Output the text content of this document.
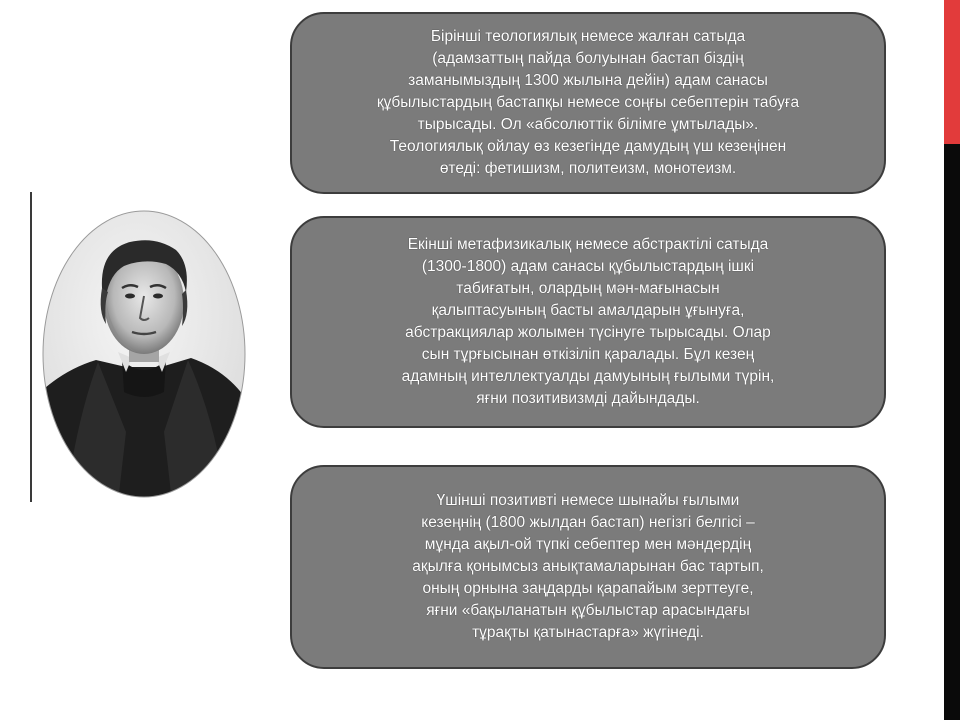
Бірінші теологиялық немесе жалған сатыда
(адамзаттың пайда болуынан бастап біздің
заманымыздың 1300 жылына дейін) адам санасы
құбылыстардың бастапқы немесе соңғы себептерін табуға
тырысады. Ол «абсолюттік білімге ұмтылады».
Теологиялық ойлау өз кезегінде дамудың үш кезеңінен
өтеді: фетишизм, политеизм, монотеизм.

Екінші метафизикалық немесе абстрактілі сатыда
(1300-1800) адам санасы құбылыстардың ішкі
табиғатын, олардың мән-мағынасын
қалыптасуының басты амалдарын ұғынуға,
абстракциялар жолымен түсінуге тырысады. Олар
сын тұрғысынан өткізіліп қаралады. Бұл кезең
адамның интеллектуалды дамуының ғылыми түрін,
яғни позитивизмді дайындады.

Үшінші позитивті немесе шынайы ғылыми
кезеңнің (1800 жылдан бастап) негізгі белгісі –
мұнда ақыл-ой түпкі себептер мен мәндердің
ақылға қонымсыз анықтамаларынан бас тартып,
оның орнына заңдарды қарапайым зерттеуге,
яғни «бақыланатын құбылыстар арасындағы
тұрақты қатынастарға» жүгінеді.
